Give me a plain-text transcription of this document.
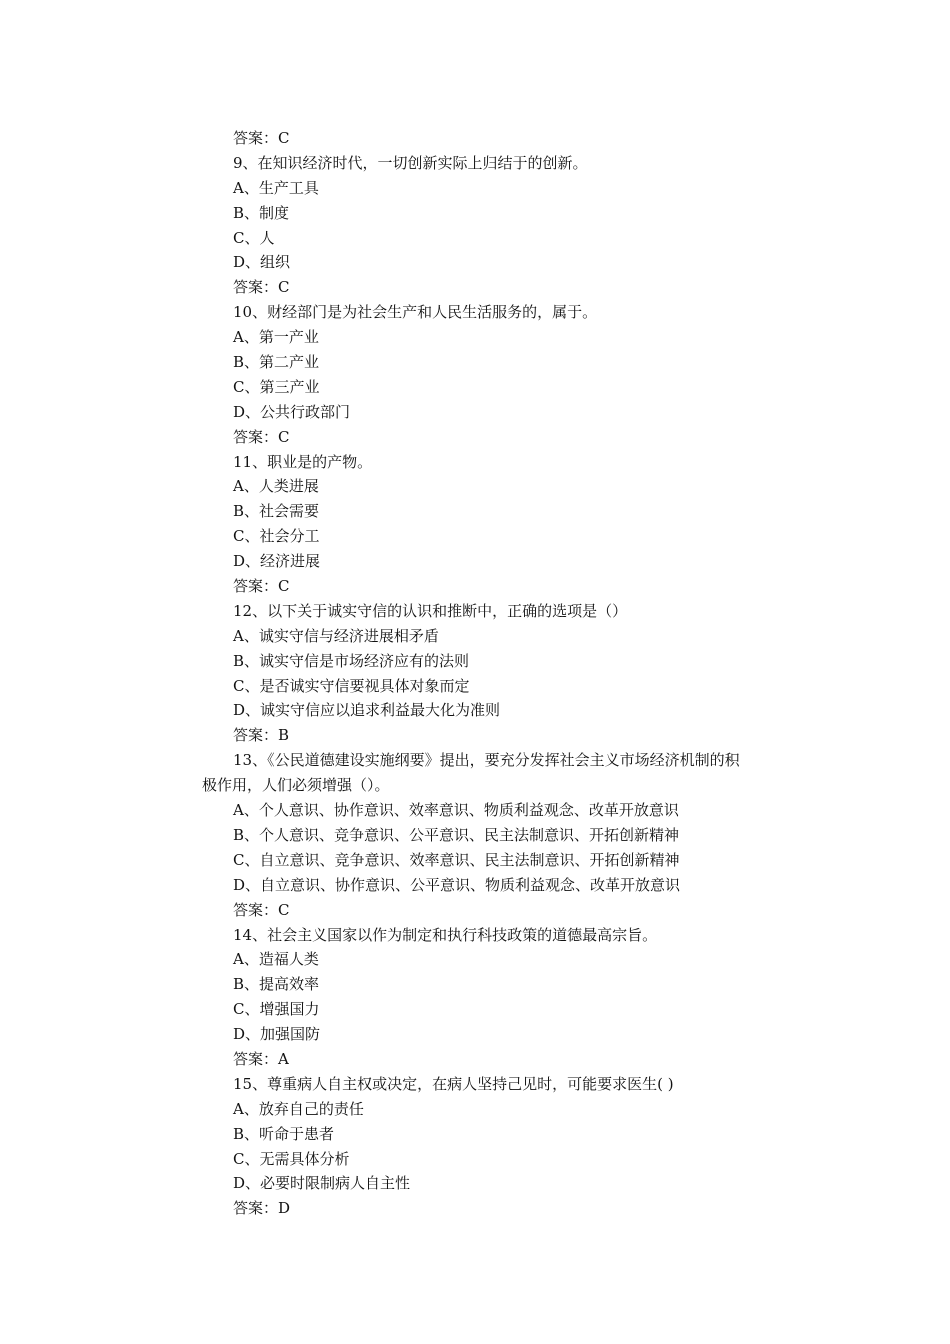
答案：C
9、在知识经济时代，一切创新实际上归结于的创新。
A、生产工具
B、制度
C、人
D、组织
答案：C
10、财经部门是为社会生产和人民生活服务的，属于。
A、第一产业
B、第二产业
C、第三产业
D、公共行政部门
答案：C
11、职业是的产物。
A、人类进展
B、社会需要
C、社会分工
D、经济进展
答案：C
12、以下关于诚实守信的认识和推断中，正确的选项是（）
A、诚实守信与经济进展相矛盾
B、诚实守信是市场经济应有的法则
C、是否诚实守信要视具体对象而定
D、诚实守信应以追求利益最大化为准则
答案：B
13、《公民道德建设实施纲要》提出，要充分发挥社会主义市场经济机制的积
极作用，人们必须增强（）。
A、个人意识、协作意识、效率意识、物质利益观念、改革开放意识
B、个人意识、竞争意识、公平意识、民主法制意识、开拓创新精神
C、自立意识、竞争意识、效率意识、民主法制意识、开拓创新精神
D、自立意识、协作意识、公平意识、物质利益观念、改革开放意识
答案：C
14、社会主义国家以作为制定和执行科技政策的道德最高宗旨。
A、造福人类
B、提高效率
C、增强国力
D、加强国防
答案：A
15、尊重病人自主权或决定，在病人坚持己见时，可能要求医生( )
A、放弃自己的责任
B、听命于患者
C、无需具体分析
D、必要时限制病人自主性
答案：D
